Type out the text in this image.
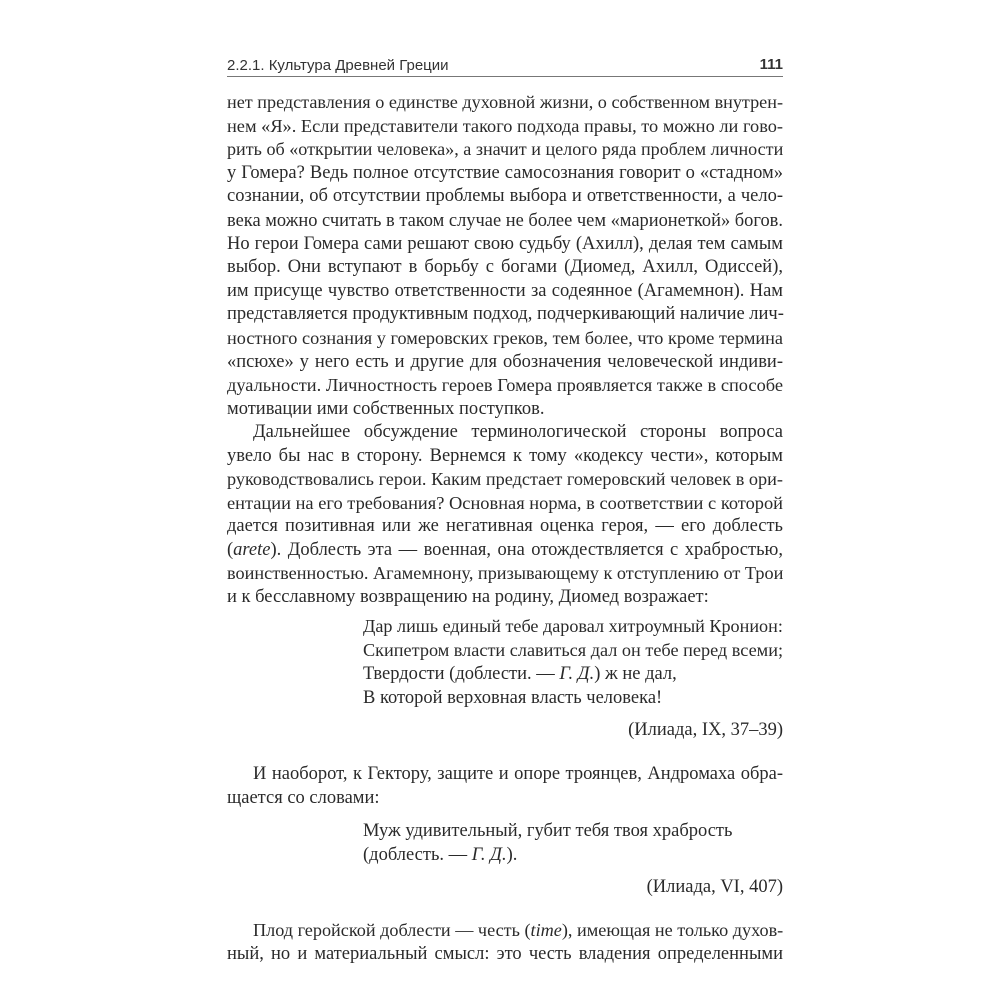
2.2.1. Культура Древней Греции	111
нет представления о единстве духовной жизни, о собственном внутрен-
нем «Я». Если представители такого подхода правы, то можно ли гово-
рить об «открытии человека», а значит и целого ряда проблем личности
у Гомера? Ведь полное отсутствие самосознания говорит о «стадном»
сознании, об отсутствии проблемы выбора и ответственности, а чело-
века можно считать в таком случае не более чем «марионеткой» богов.
Но герои Гомера сами решают свою судьбу (Ахилл), делая тем самым
выбор. Они вступают в борьбу с богами (Диомед, Ахилл, Одиссей),
им присуще чувство ответственности за содеянное (Агамемнон). Нам
представляется продуктивным подход, подчеркивающий наличие лич-
ностного сознания у гомеровских греков, тем более, что кроме термина
«псюхе» у него есть и другие для обозначения человеческой индиви-
дуальности. Личностность героев Гомера проявляется также в способе
мотивации ими собственных поступков.
Дальнейшее обсуждение терминологической стороны вопроса
увело бы нас в сторону. Вернемся к тому «кодексу чести», которым
руководствовались герои. Каким предстает гомеровский человек в ори-
ентации на его требования? Основная норма, в соответствии с которой
дается позитивная или же негативная оценка героя, — его доблесть
(arete). Доблесть эта — военная, она отождествляется с храбростью,
воинственностью. Агамемнону, призывающему к отступлению от Трои
и к бесславному возвращению на родину, Диомед возражает:
Дар лишь единый тебе даровал хитроумный Кронион:
Скипетром власти славиться дал он тебе перед всеми;
Твердости (доблести. — Г. Д.) ж не дал,
В которой верховная власть человека!
(Илиада, IX, 37–39)
И наоборот, к Гектору, защите и опоре троянцев, Андромаха обра-
щается со словами:
Муж удивительный, губит тебя твоя храбрость
(доблесть. — Г. Д.).
(Илиада, VI, 407)
Плод геройской доблести — честь (time), имеющая не только духов-
ный, но и материальный смысл: это честь владения определенными
